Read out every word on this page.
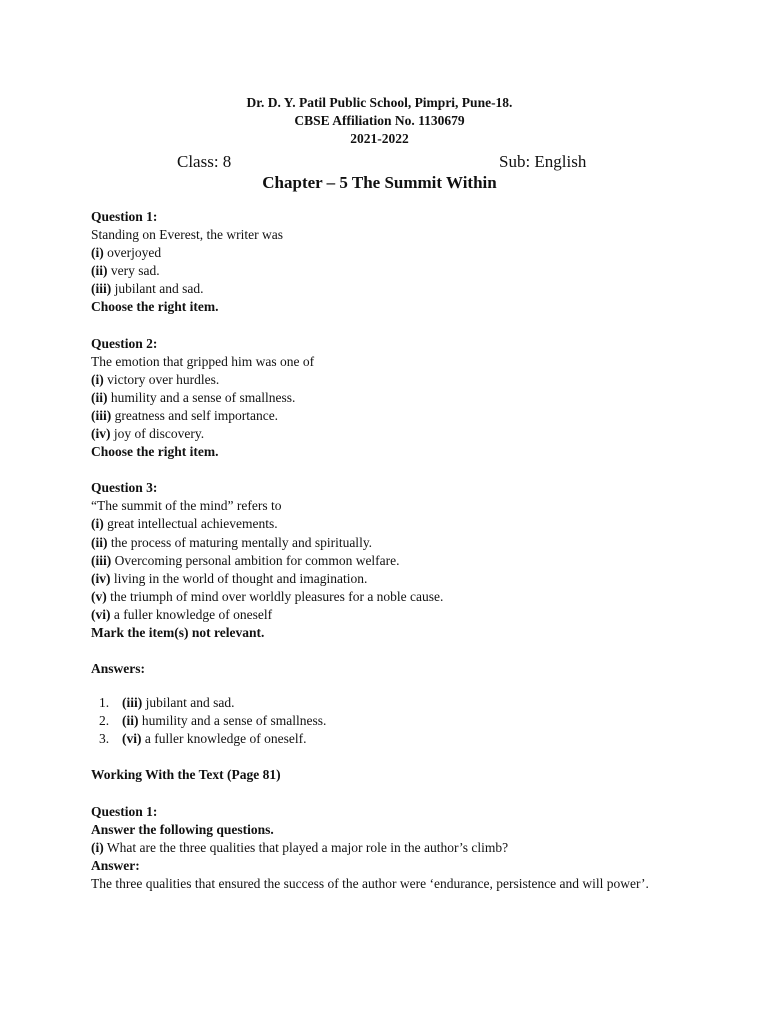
Dr. D. Y. Patil Public School, Pimpri, Pune-18.
CBSE Affiliation No. 1130679
2021-2022
Class: 8	Sub: English
Chapter – 5 The Summit Within
Question 1:
Standing on Everest, the writer was
(i) overjoyed
(ii) very sad.
(iii) jubilant and sad.
Choose the right item.
Question 2:
The emotion that gripped him was one of
(i) victory over hurdles.
(ii) humility and a sense of smallness.
(iii) greatness and self importance.
(iv) joy of discovery.
Choose the right item.
Question 3:
“The summit of the mind” refers to
(i) great intellectual achievements.
(ii) the process of maturing mentally and spiritually.
(iii) Overcoming personal ambition for common welfare.
(iv) living in the world of thought and imagination.
(v) the triumph of mind over worldly pleasures for a noble cause.
(vi) a fuller knowledge of oneself
Mark the item(s) not relevant.
Answers:
1. (iii) jubilant and sad.
2. (ii) humility and a sense of smallness.
3. (vi) a fuller knowledge of oneself.
Working With the Text (Page 81)
Question 1:
Answer the following questions.
(i) What are the three qualities that played a major role in the author’s climb?
Answer:
The three qualities that ensured the success of the author were ‘endurance, persistence and will power’.
